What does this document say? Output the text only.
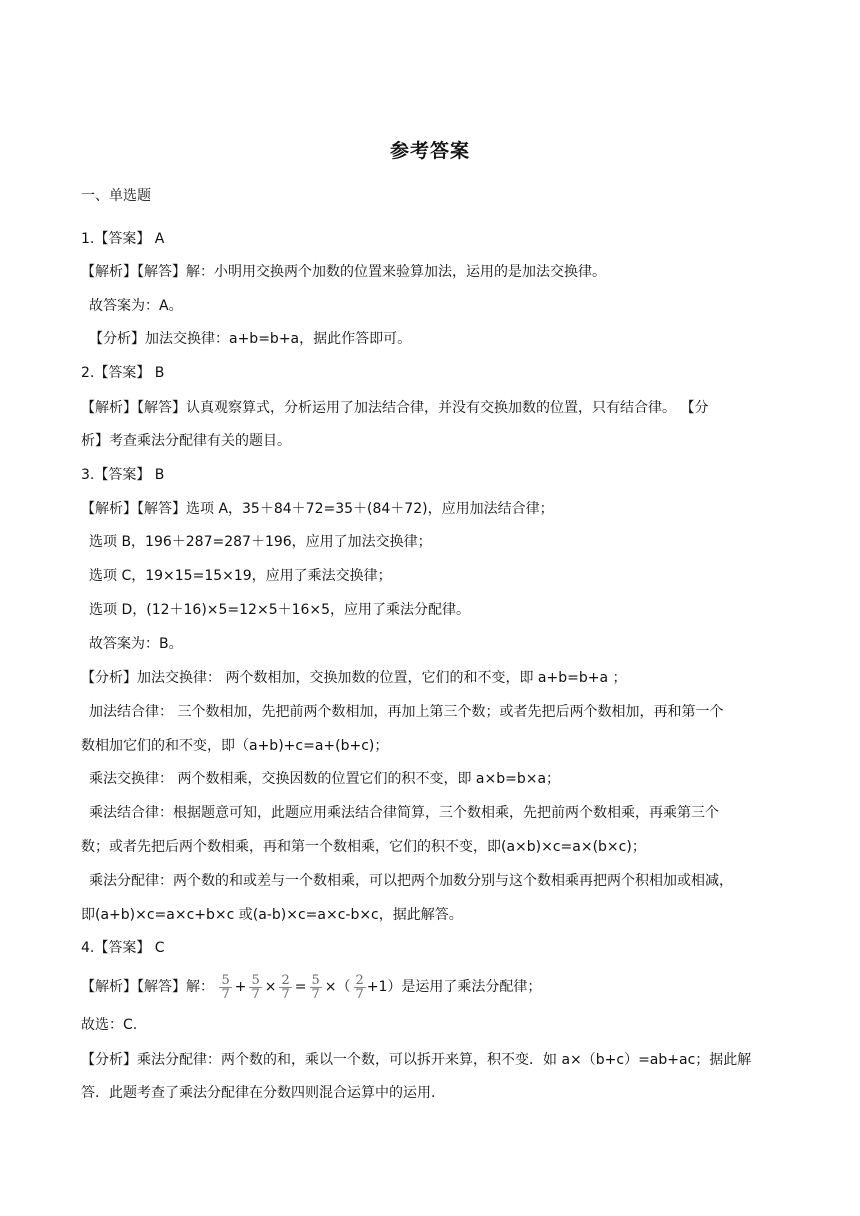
参考答案
一、单选题
1.【答案】 A
【解析】【解答】解：小明用交换两个加数的位置来验算加法，运用的是加法交换律。
故答案为：A。
【分析】加法交换律：a+b=b+a，据此作答即可。
2.【答案】 B
【解析】【解答】认真观察算式，分析运用了加法结合律，并没有交换加数的位置，只有结合律。 【分
析】考查乘法分配律有关的题目。
3.【答案】 B
【解析】【解答】选项 A，35＋84＋72=35＋(84＋72)，应用加法结合律；
选项 B，196＋287=287＋196，应用了加法交换律；
选项 C，19×15=15×19，应用了乘法交换律；
选项 D，(12＋16)×5=12×5＋16×5，应用了乘法分配律。
故答案为：B。
【分析】加法交换律： 两个数相加，交换加数的位置，它们的和不变，即 a+b=b+a ；
加法结合律： 三个数相加，先把前两个数相加，再加上第三个数；或者先把后两个数相加，再和第一个
数相加它们的和不变，即（a+b)+c=a+(b+c)；
乘法交换律： 两个数相乘，交换因数的位置它们的积不变，即 a×b=b×a；
乘法结合律：根据题意可知，此题应用乘法结合律简算，三个数相乘，先把前两个数相乘，再乘第三个
数；或者先把后两个数相乘，再和第一个数相乘，它们的积不变，即(a×b)×c=a×(b×c)；
乘法分配律：两个数的和或差与一个数相乘，可以把两个加数分别与这个数相乘再把两个积相加或相减，
即(a+b)×c=a×c+b×c 或(a-b)×c=a×c-b×c，据此解答。
4.【答案】 C
【解析】【解答】解： $\frac{5}{7} + \frac{5}{7} \times \frac{2}{7} = \frac{5}{7}$ ×（ $\frac{2}{7} +1$）是运用了乘法分配律；
故选：C.
【分析】乘法分配律：两个数的和，乘以一个数，可以拆开来算，积不变．如 a×（b+c）=ab+ac；据此解
答．此题考查了乘法分配律在分数四则混合运算中的运用．
